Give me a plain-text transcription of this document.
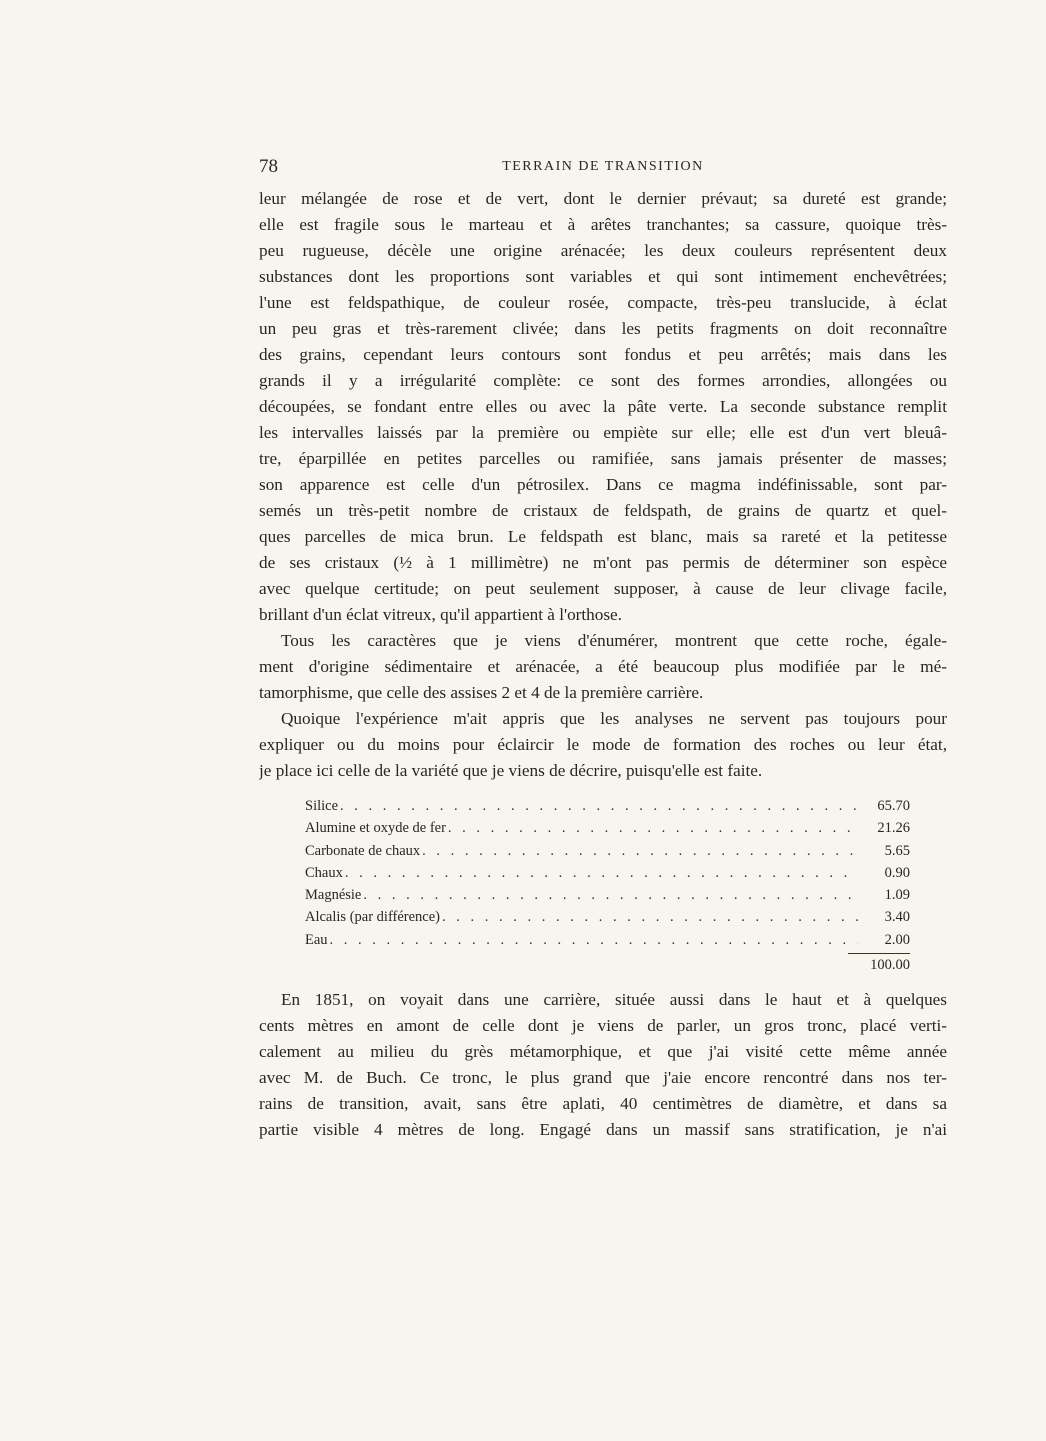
78	TERRAIN DE TRANSITION
leur mélangée de rose et de vert, dont le dernier prévaut; sa dureté est grande;
elle est fragile sous le marteau et à arêtes tranchantes; sa cassure, quoique très-
peu rugueuse, décèle une origine arénacée; les deux couleurs représentent deux
substances dont les proportions sont variables et qui sont intimement enchevêtrées;
l'une est feldspathique, de couleur rosée, compacte, très-peu translucide, à éclat
un peu gras et très-rarement clivée; dans les petits fragments on doit reconnaître
des grains, cependant leurs contours sont fondus et peu arrêtés; mais dans les
grands il y a irrégularité complète: ce sont des formes arrondies, allongées ou
découpées, se fondant entre elles ou avec la pâte verte. La seconde substance remplit
les intervalles laissés par la première ou empiète sur elle; elle est d'un vert bleuâ-
tre, éparpillée en petites parcelles ou ramifiée, sans jamais présenter de masses;
son apparence est celle d'un pétrosilex. Dans ce magma indéfinissable, sont par-
semés un très-petit nombre de cristaux de feldspath, de grains de quartz et quel-
ques parcelles de mica brun. Le feldspath est blanc, mais sa rareté et la petitesse
de ses cristaux (½ à 1 millimètre) ne m'ont pas permis de déterminer son espèce
avec quelque certitude; on peut seulement supposer, à cause de leur clivage facile,
brillant d'un éclat vitreux, qu'il appartient à l'orthose.
Tous les caractères que je viens d'énumérer, montrent que cette roche, égale-
ment d'origine sédimentaire et arénacée, a été beaucoup plus modifiée par le mé-
tamorphisme, que celle des assises 2 et 4 de la première carrière.
Quoique l'expérience m'ait appris que les analyses ne servent pas toujours pour
expliquer ou du moins pour éclaircir le mode de formation des roches ou leur état,
je place ici celle de la variété que je viens de décrire, puisqu'elle est faite.
Silice . . .	65.70
Alumine et oxyde de fer . . .	21.26
Carbonate de chaux . . .	5.65
Chaux . . .	0.90
Magnésie . . .	1.09
Alcalis (par différence) . . .	3.40
Eau . . .	2.00
100.00
En 1851, on voyait dans une carrière, située aussi dans le haut et à quelques
cents mètres en amont de celle dont je viens de parler, un gros tronc, placé verti-
calement au milieu du grès métamorphique, et que j'ai visité cette même année
avec M. de Buch. Ce tronc, le plus grand que j'aie encore rencontré dans nos ter-
rains de transition, avait, sans être aplati, 40 centimètres de diamètre, et dans sa
partie visible 4 mètres de long. Engagé dans un massif sans stratification, je n'ai
